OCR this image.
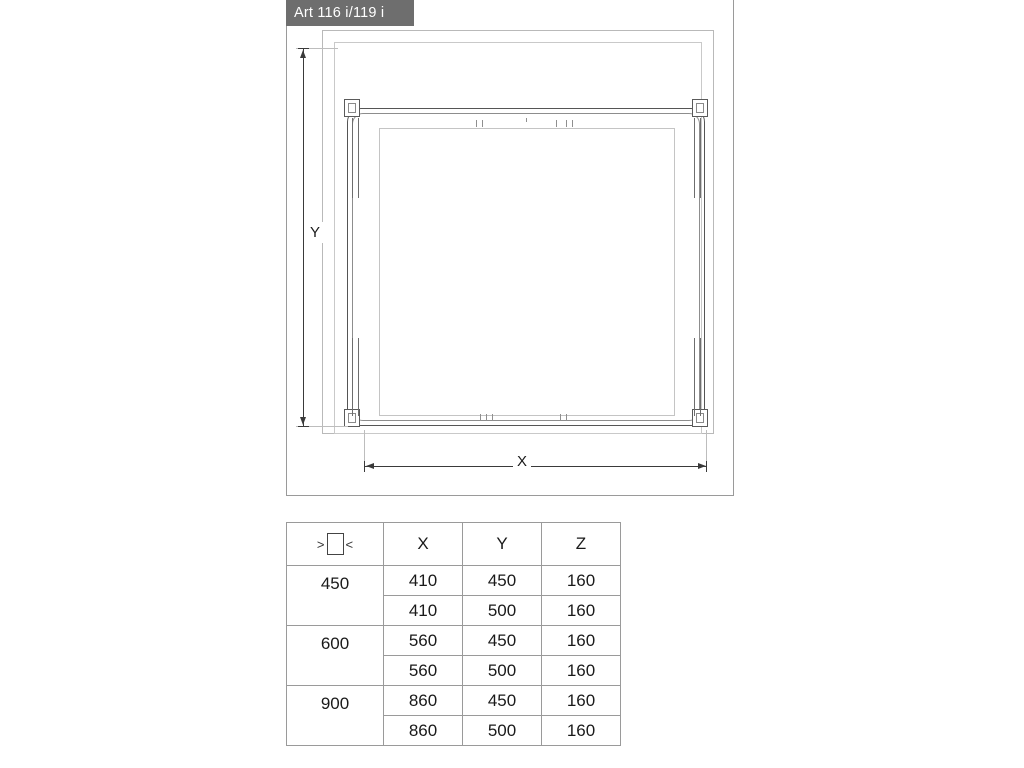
Art 116 i/119 i
Y
X
> <	X	Y	Z
450	410	450	160
	410	500	160
600	560	450	160
	560	500	160
900	860	450	160
	860	500	160
